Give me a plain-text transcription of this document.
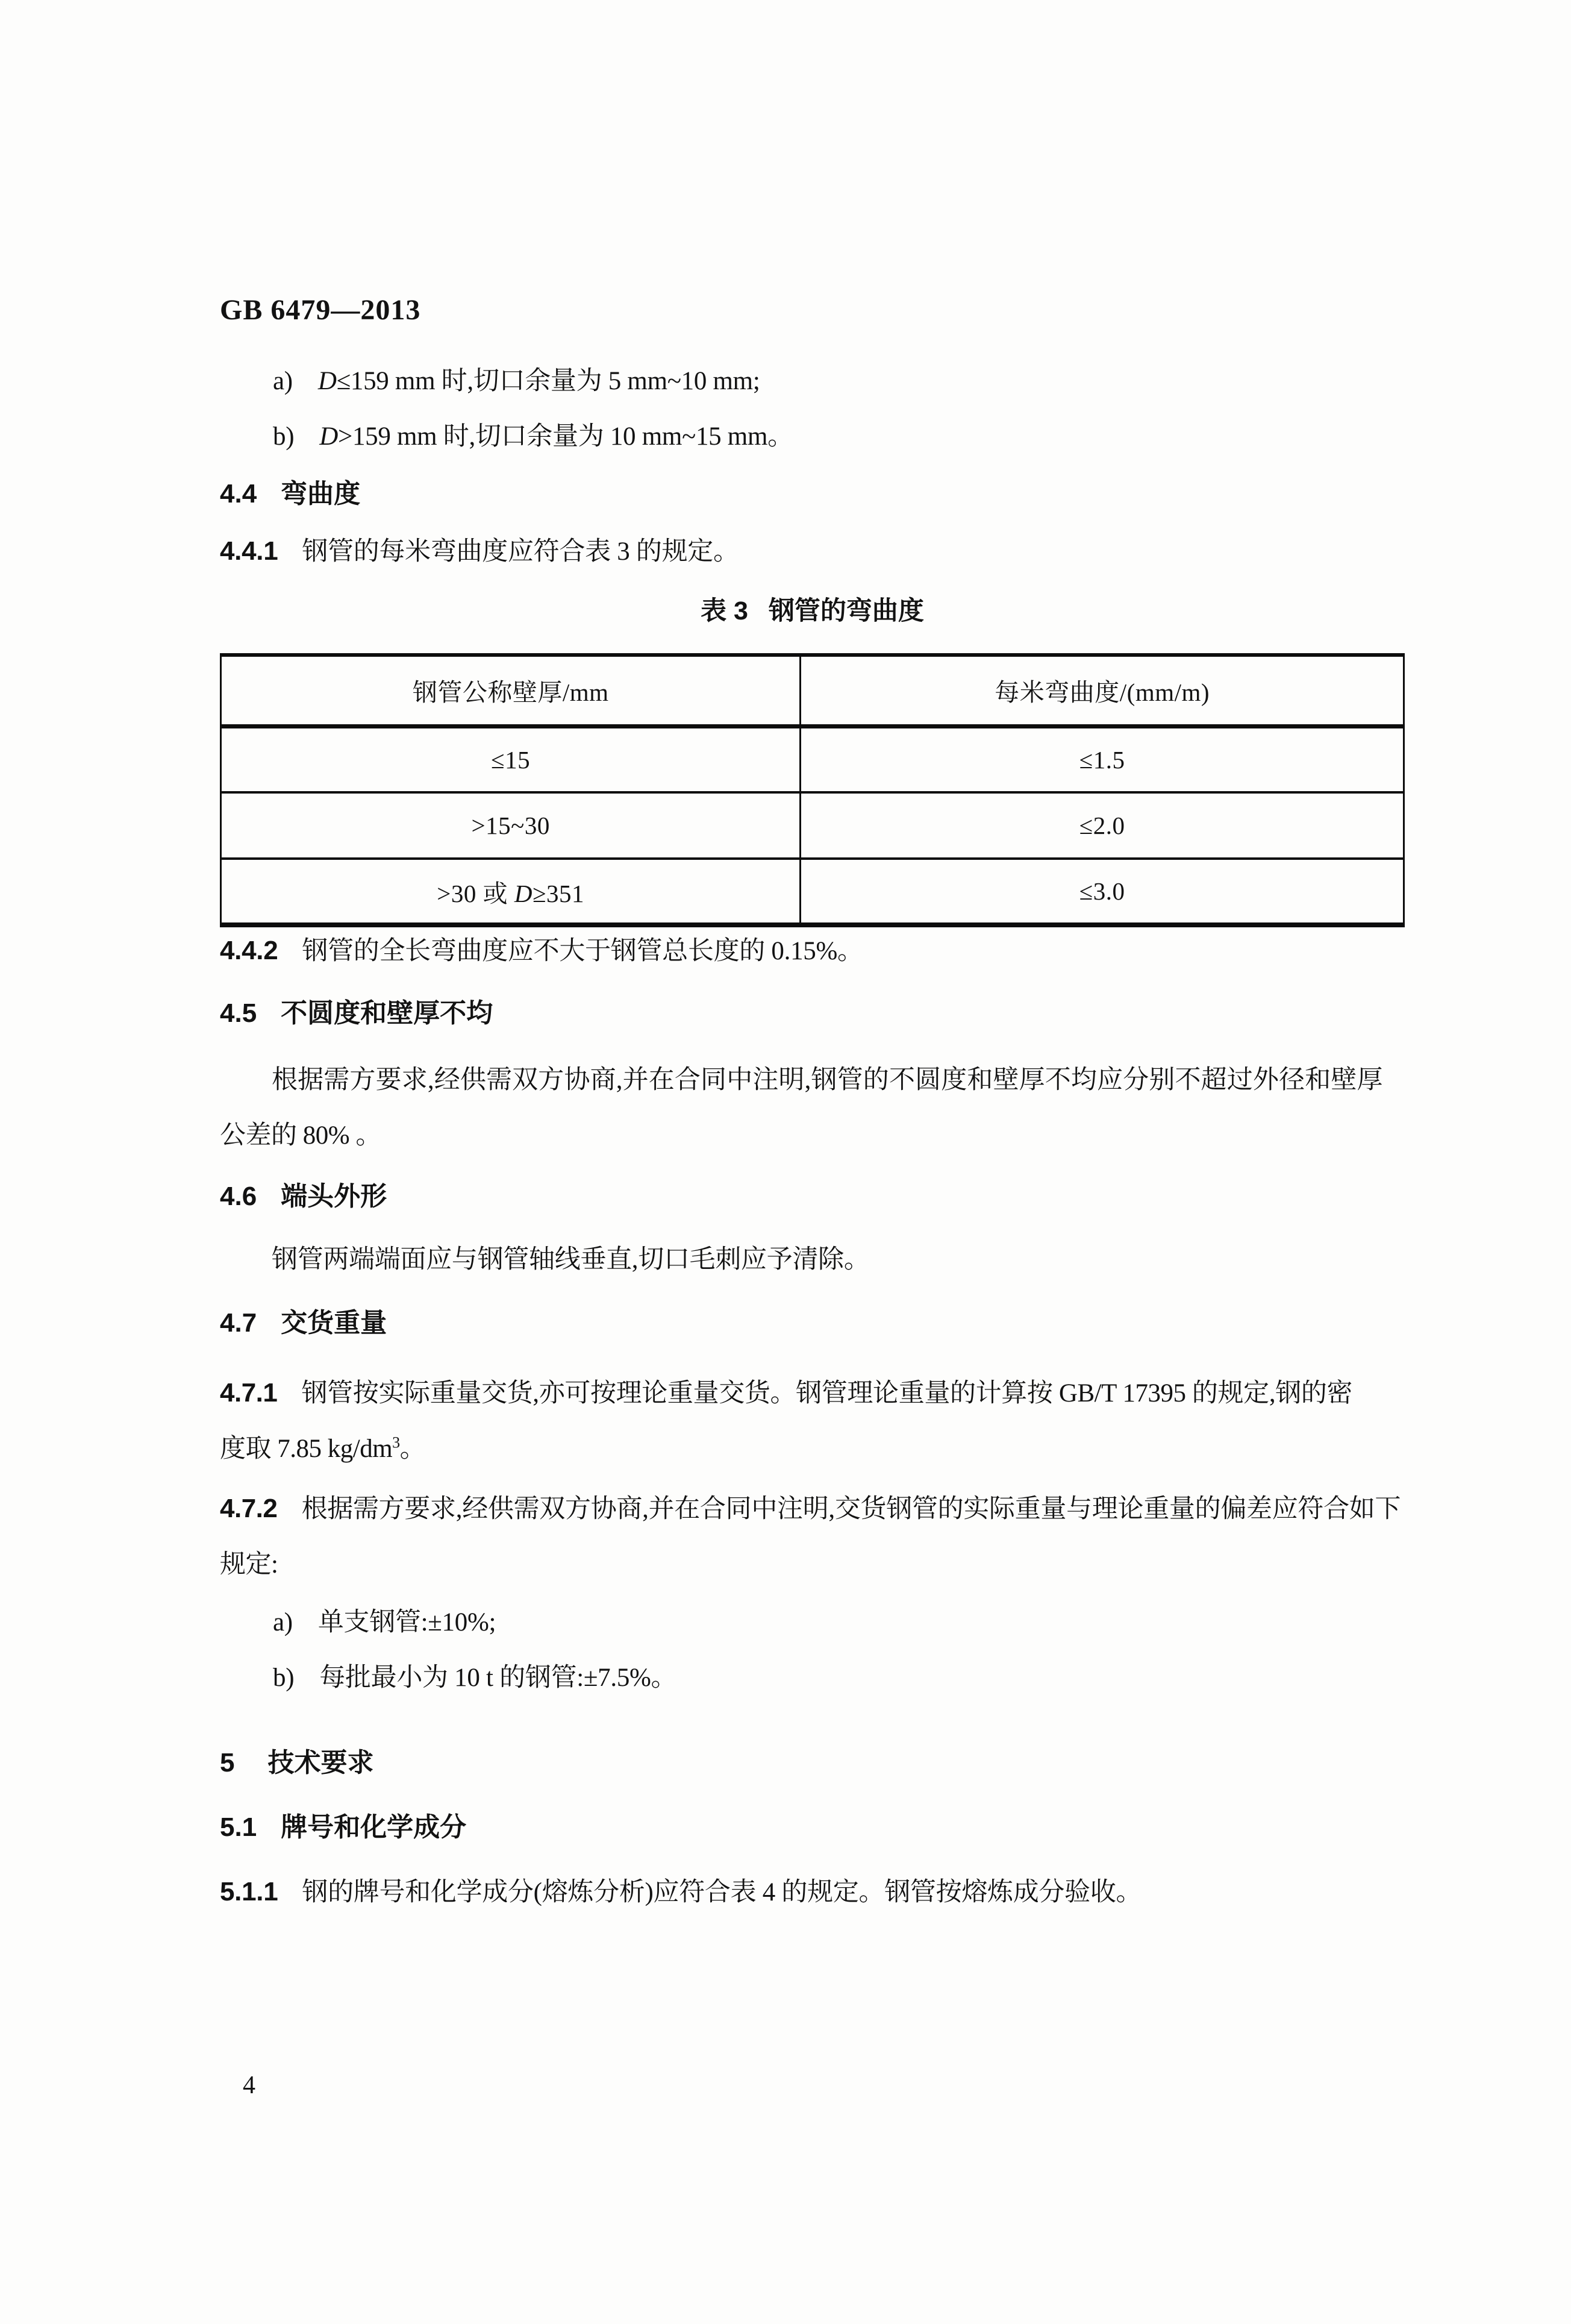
GB 6479—2013
a) D≤159 mm 时,切口余量为 5 mm~10 mm;
b) D>159 mm 时,切口余量为 10 mm~15 mm。
4.4 弯曲度
4.4.1 钢管的每米弯曲度应符合表 3 的规定。
表 3 钢管的弯曲度
钢管公称壁厚/mm	每米弯曲度/(mm/m)
≤15	≤1.5
>15~30	≤2.0
>30 或 D≥351	≤3.0
4.4.2 钢管的全长弯曲度应不大于钢管总长度的 0.15%。
4.5 不圆度和壁厚不均
根据需方要求,经供需双方协商,并在合同中注明,钢管的不圆度和壁厚不均应分别不超过外径和壁厚公差的 80% 。
4.6 端头外形
钢管两端端面应与钢管轴线垂直,切口毛刺应予清除。
4.7 交货重量
4.7.1 钢管按实际重量交货,亦可按理论重量交货。钢管理论重量的计算按 GB/T 17395 的规定,钢的密度取 7.85 $kg/dm^3$。
4.7.2 根据需方要求,经供需双方协商,并在合同中注明,交货钢管的实际重量与理论重量的偏差应符合如下规定:
a) 单支钢管:±10%;
b) 每批最小为 10 t 的钢管:±7.5%。
5 技术要求
5.1 牌号和化学成分
5.1.1 钢的牌号和化学成分(熔炼分析)应符合表 4 的规定。钢管按熔炼成分验收。
4
